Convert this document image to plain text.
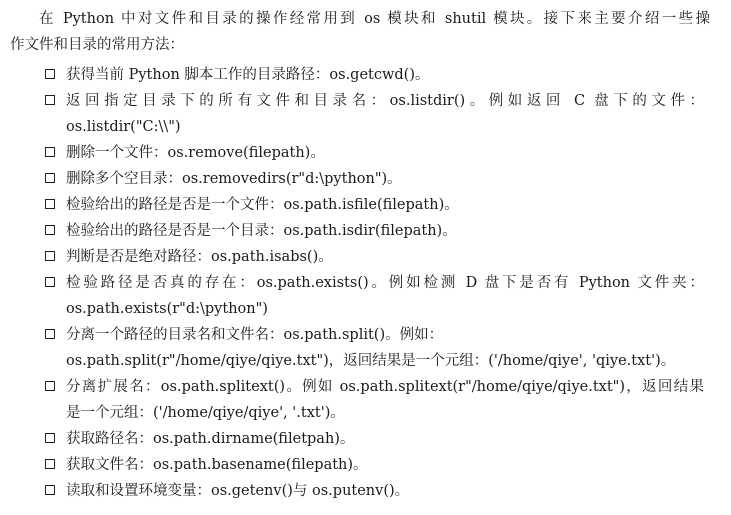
在 Python 中对文件和目录的操作经常用到 os 模块和 shutil 模块。接下来主要介绍一些操
作文件和目录的常用方法：

获得当前 Python 脚本工作的目录路径：os.getcwd()。
返回指定目录下的所有文件和目录名：os.listdir()。例如返回 C 盘下的文件：
os.listdir("C:\\")
删除一个文件：os.remove(filepath)。
删除多个空目录：os.removedirs(r"d:\python")。
检验给出的路径是否是一个文件：os.path.isfile(filepath)。
检验给出的路径是否是一个目录：os.path.isdir(filepath)。
判断是否是绝对路径：os.path.isabs()。
检验路径是否真的存在：os.path.exists()。例如检测 D 盘下是否有 Python 文件夹：
os.path.exists(r"d:\python")
分离一个路径的目录名和文件名：os.path.split()。例如：
os.path.split(r"/home/qiye/qiye.txt")，返回结果是一个元组：('/home/qiye', 'qiye.txt')。
分离扩展名：os.path.splitext()。例如 os.path.splitext(r"/home/qiye/qiye.txt")，返回结果
是一个元组：('/home/qiye/qiye', '.txt')。
获取路径名：os.path.dirname(filetpah)。
获取文件名：os.path.basename(filepath)。
读取和设置环境变量：os.getenv()与 os.putenv()。
